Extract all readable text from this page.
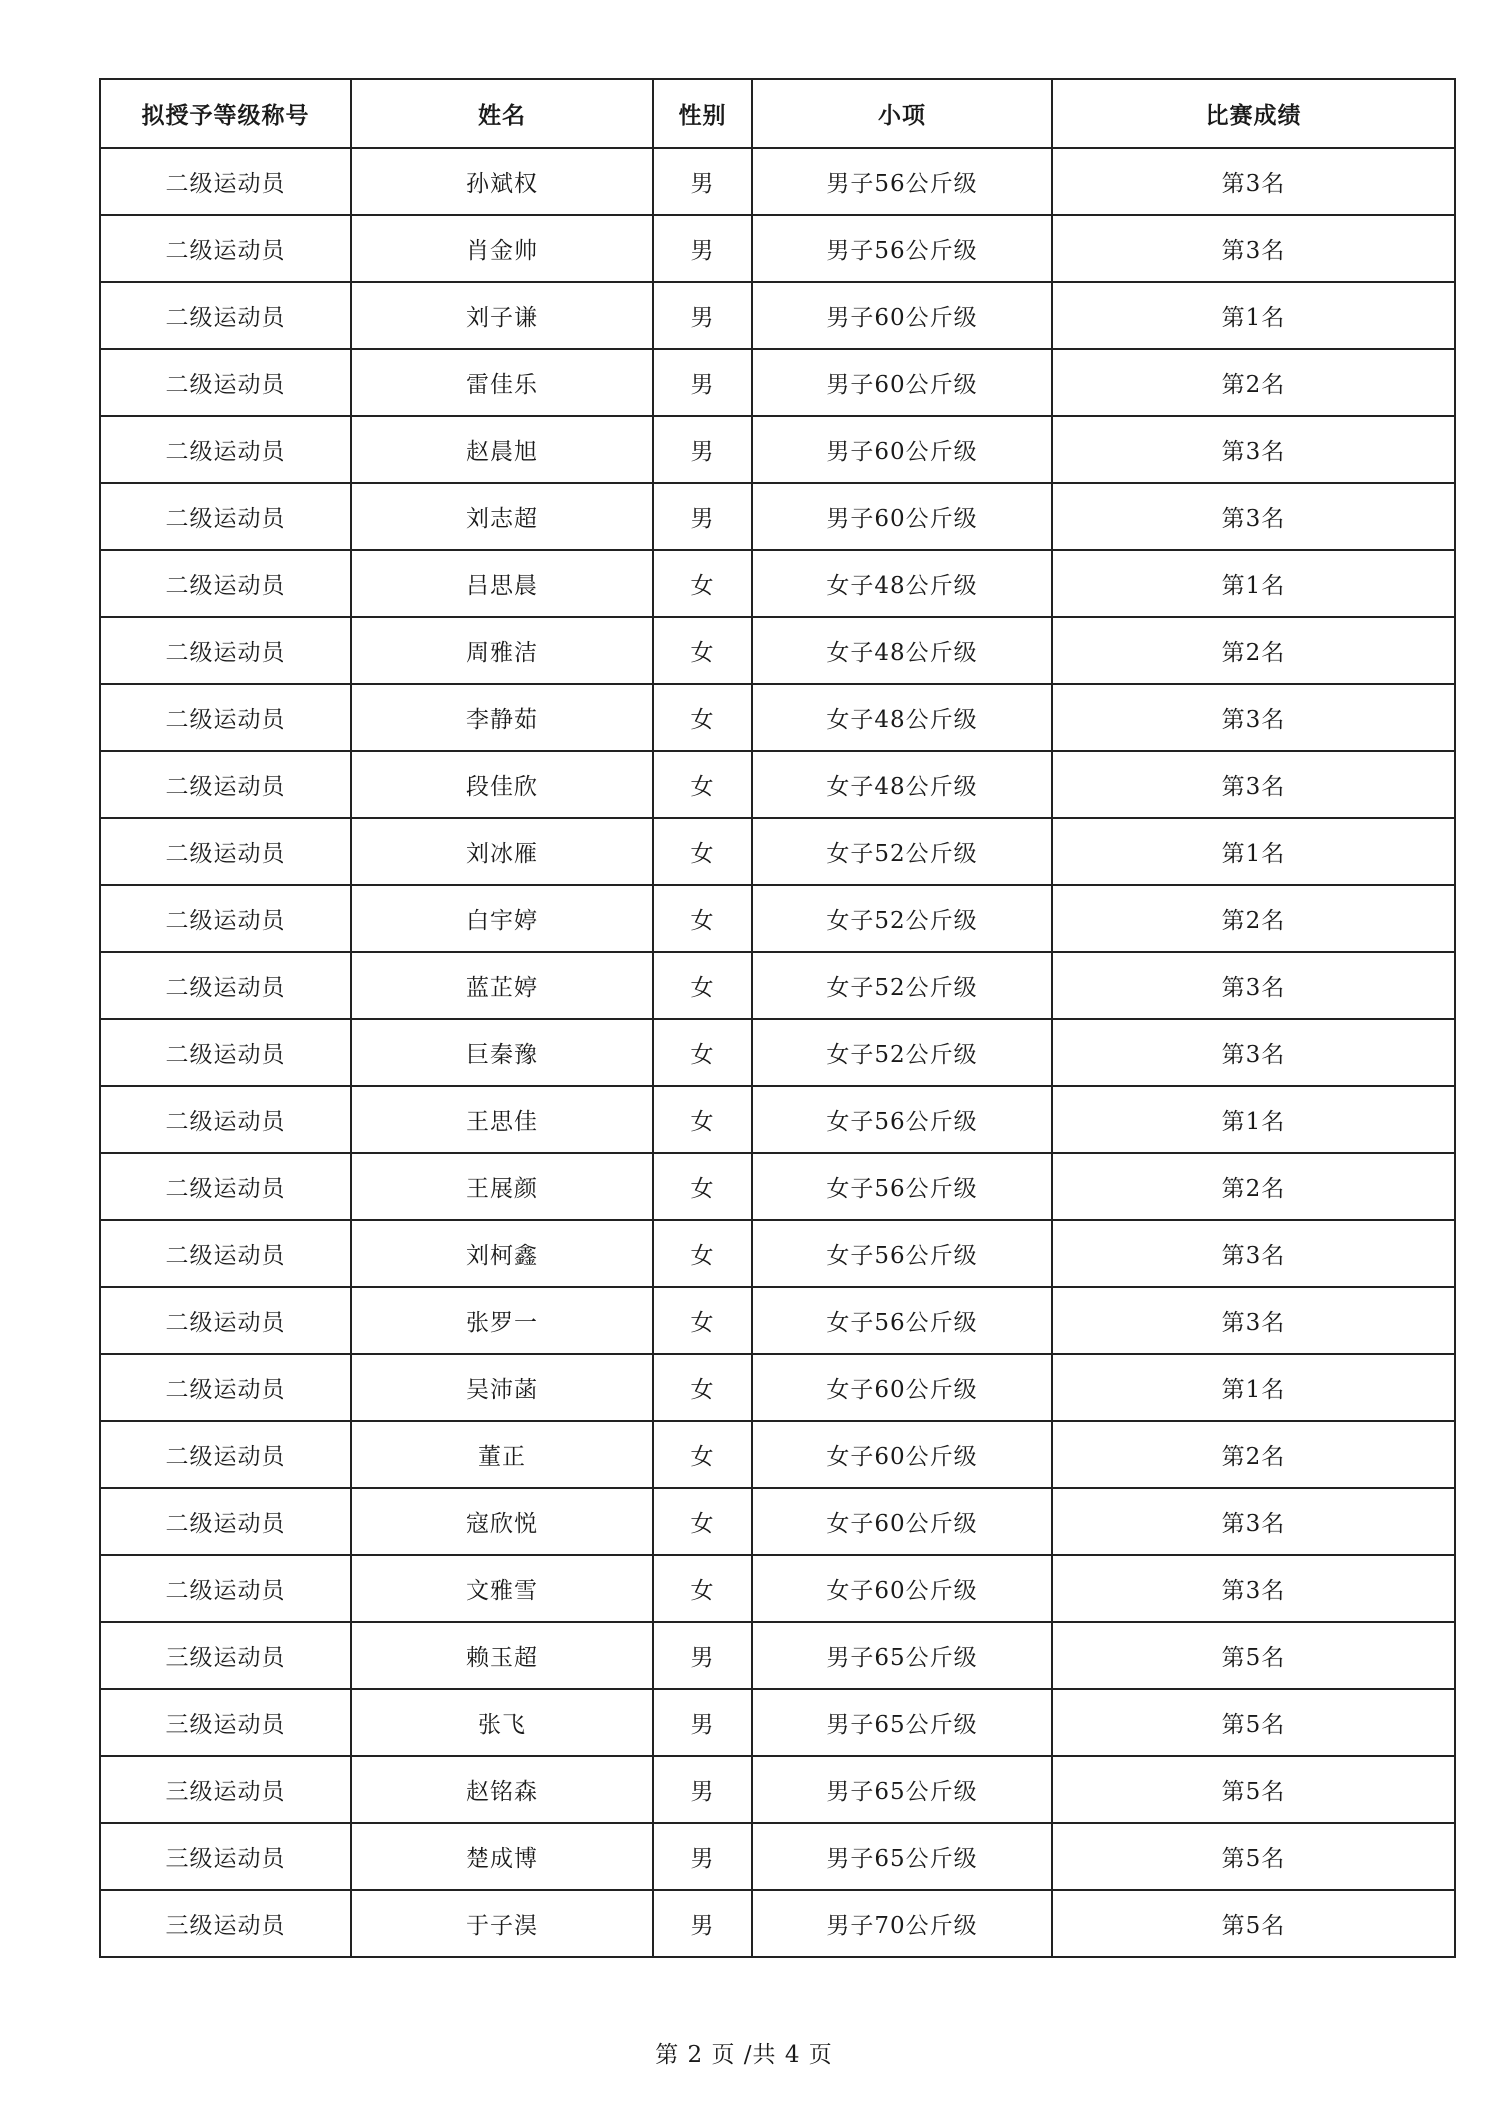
拟授予等级称号	姓名	性别	小项	比赛成绩
二级运动员	孙斌权	男	男子56公斤级	第3名
二级运动员	肖金帅	男	男子56公斤级	第3名
二级运动员	刘子谦	男	男子60公斤级	第1名
二级运动员	雷佳乐	男	男子60公斤级	第2名
二级运动员	赵晨旭	男	男子60公斤级	第3名
二级运动员	刘志超	男	男子60公斤级	第3名
二级运动员	吕思晨	女	女子48公斤级	第1名
二级运动员	周雅洁	女	女子48公斤级	第2名
二级运动员	李静茹	女	女子48公斤级	第3名
二级运动员	段佳欣	女	女子48公斤级	第3名
二级运动员	刘冰雁	女	女子52公斤级	第1名
二级运动员	白宇婷	女	女子52公斤级	第2名
二级运动员	蓝芷婷	女	女子52公斤级	第3名
二级运动员	巨秦豫	女	女子52公斤级	第3名
二级运动员	王思佳	女	女子56公斤级	第1名
二级运动员	王展颜	女	女子56公斤级	第2名
二级运动员	刘柯鑫	女	女子56公斤级	第3名
二级运动员	张罗一	女	女子56公斤级	第3名
二级运动员	吴沛菡	女	女子60公斤级	第1名
二级运动员	董正	女	女子60公斤级	第2名
二级运动员	寇欣悦	女	女子60公斤级	第3名
二级运动员	文雅雪	女	女子60公斤级	第3名
三级运动员	赖玉超	男	男子65公斤级	第5名
三级运动员	张飞	男	男子65公斤级	第5名
三级运动员	赵铭森	男	男子65公斤级	第5名
三级运动员	楚成博	男	男子65公斤级	第5名
三级运动员	于子淏	男	男子70公斤级	第5名
第 2 页 /共 4 页
